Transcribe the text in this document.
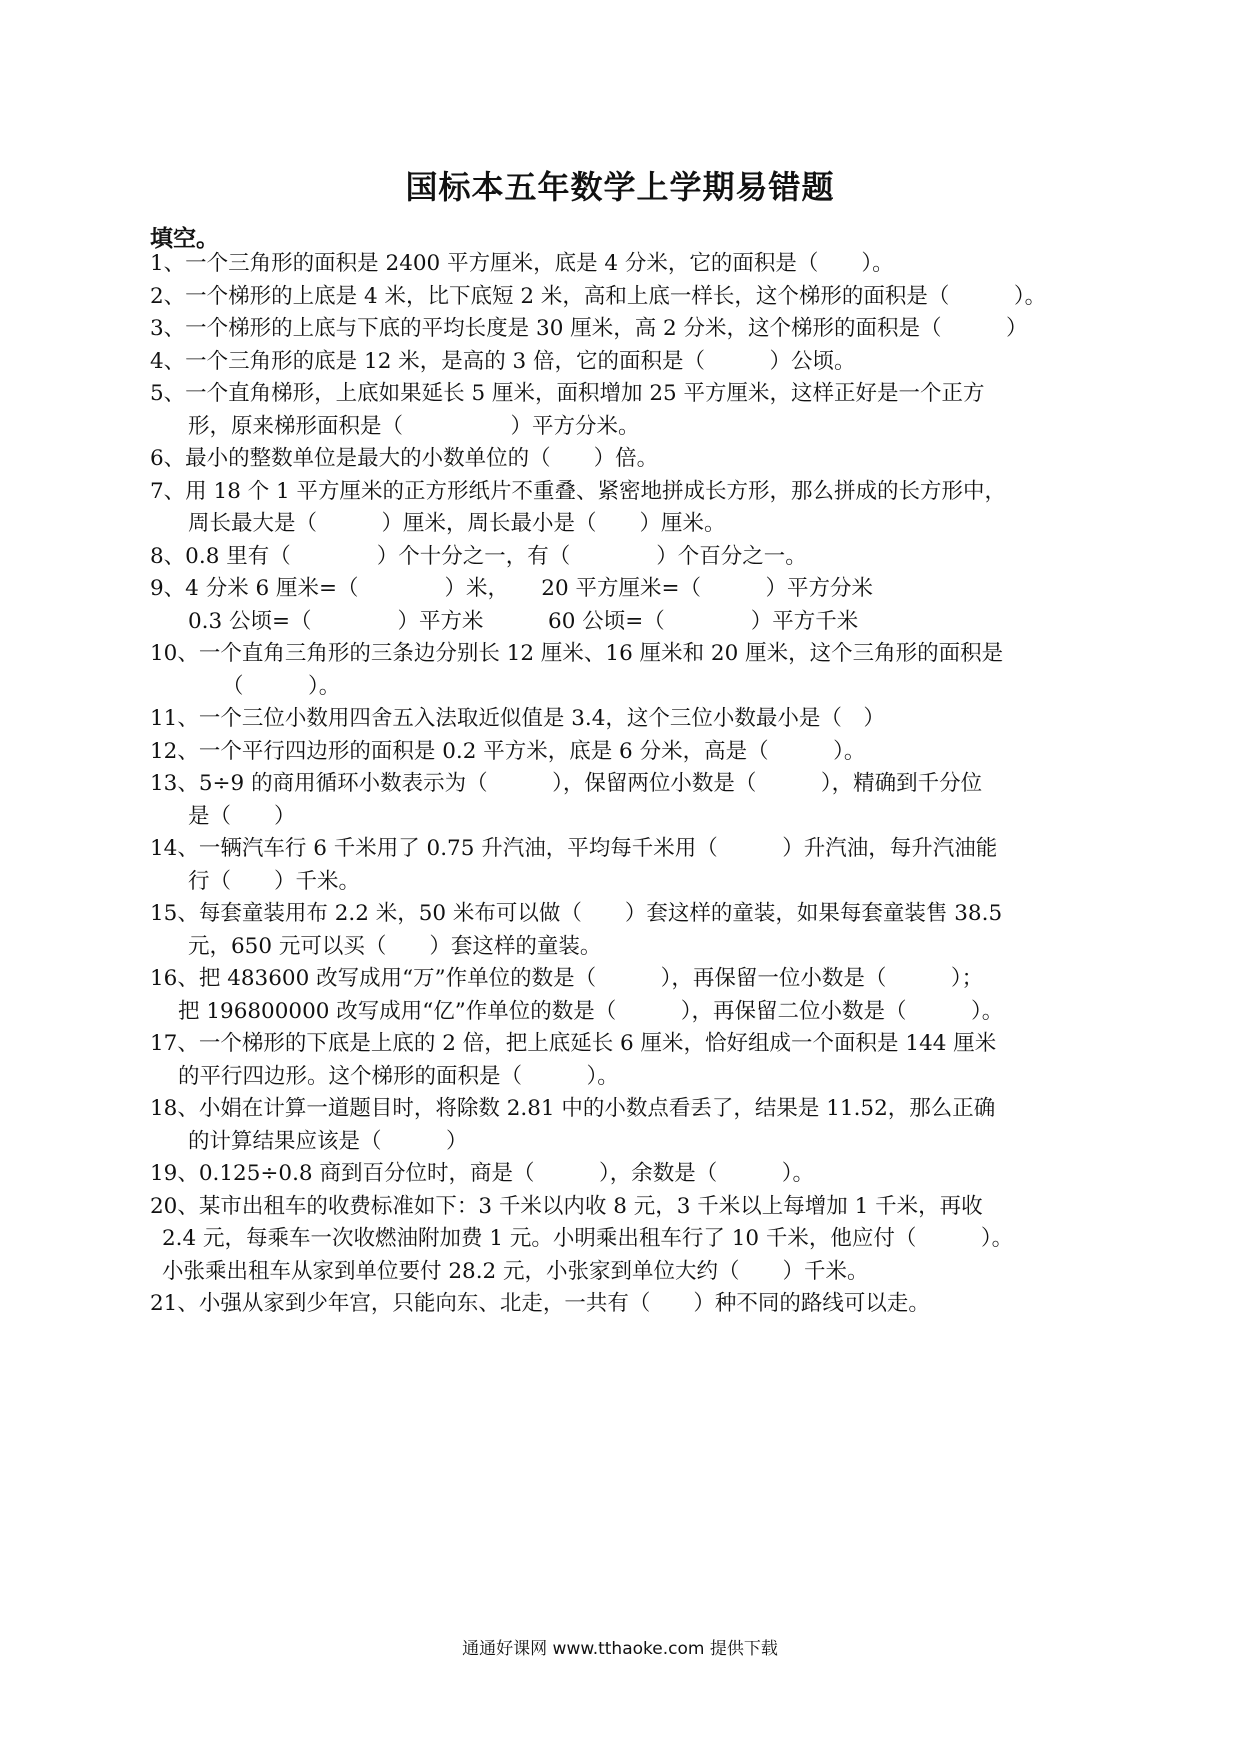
国标本五年数学上学期易错题
填空。
1、一个三角形的面积是 2400 平方厘米，底是 4 分米，它的面积是（　　）。
2、一个梯形的上底是 4 米，比下底短 2 米，高和上底一样长，这个梯形的面积是（　　　）。
3、一个梯形的上底与下底的平均长度是 30 厘米，高 2 分米，这个梯形的面积是（　　　）
4、一个三角形的底是 12 米，是高的 3 倍，它的面积是（　　　）公顷。
5、一个直角梯形，上底如果延长 5 厘米，面积增加 25 平方厘米，这样正好是一个正方
形，原来梯形面积是（　　　　　）平方分米。
6、最小的整数单位是最大的小数单位的（　　）倍。
7、用 18 个 1 平方厘米的正方形纸片不重叠、紧密地拼成长方形，那么拼成的长方形中，
周长最大是（　　　）厘米，周长最小是（　　）厘米。
8、0.8 里有（　　　　）个十分之一，有（　　　　）个百分之一。
9、4 分米 6 厘米=（　　　　）米，　　20 平方厘米=（　　　）平方分米
0.3 公顷=（　　　　）平方米　　　60 公顷=（　　　　）平方千米
10、一个直角三角形的三条边分别长 12 厘米、16 厘米和 20 厘米，这个三角形的面积是
（　　　）。
11、一个三位小数用四舍五入法取近似值是 3.4，这个三位小数最小是（　）
12、一个平行四边形的面积是 0.2 平方米，底是 6 分米，高是（　　　）。
13、5÷9 的商用循环小数表示为（　　　），保留两位小数是（　　　），精确到千分位
是（　　）
14、一辆汽车行 6 千米用了 0.75 升汽油，平均每千米用（　　　）升汽油，每升汽油能
行（　　）千米。
15、每套童装用布 2.2 米，50 米布可以做（　　）套这样的童装，如果每套童装售 38.5
元，650 元可以买（　　）套这样的童装。
16、把 483600 改写成用“万”作单位的数是（　　　），再保留一位小数是（　　　）；
把 196800000 改写成用“亿”作单位的数是（　　　），再保留二位小数是（　　　）。
17、一个梯形的下底是上底的 2 倍，把上底延长 6 厘米，恰好组成一个面积是 144 厘米
的平行四边形。这个梯形的面积是（　　　）。
18、小娟在计算一道题目时，将除数 2.81 中的小数点看丢了，结果是 11.52，那么正确
的计算结果应该是（　　　）
19、0.125÷0.8 商到百分位时，商是（　　　），余数是（　　　）。
20、某市出租车的收费标准如下：3 千米以内收 8 元，3 千米以上每增加 1 千米，再收
2.4 元，每乘车一次收燃油附加费 1 元。小明乘出租车行了 10 千米，他应付（　　　）。
小张乘出租车从家到单位要付 28.2 元，小张家到单位大约（　　）千米。
21、小强从家到少年宫，只能向东、北走，一共有（　　）种不同的路线可以走。
通通好课网 www.tthaoke.com 提供下载
